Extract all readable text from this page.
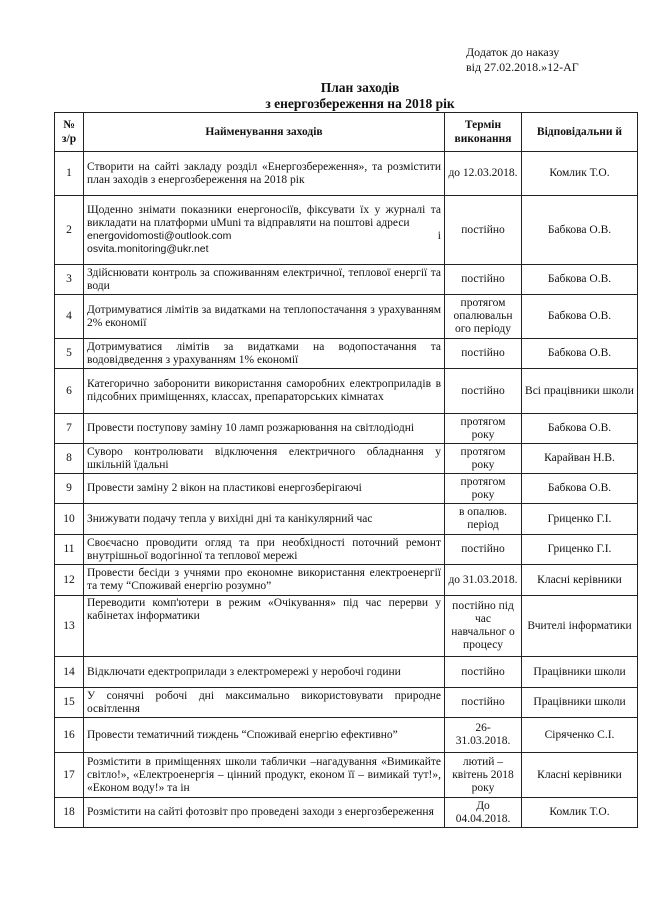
Додаток до наказу
від 27.02.2018.»12-АГ
План заходів
з енергозбереження на 2018 рік
№ з/р	Найменування заходів	Термін виконання	Відповідальни й
1	Створити на сайті закладу розділ «Енергозбереження», та розмістити план заходів з енергозбереження на 2018 рік	до 12.03.2018.	Комлик Т.О.
2	Щоденно знімати показники енергоносіїв, фіксувати їх у журналі та викладати на платформи uMuni та відправляти на поштові адреси
energovidomosti@outlook.com і
osvita.monitoring@ukr.net	постійно	Бабкова О.В.
3	Здійснювати контроль за споживанням електричної, теплової енергії та води	постійно	Бабкова О.В.
4	Дотримуватися лімітів за видатками на теплопостачання з урахуванням 2% економії	протягом опалювальн ого періоду	Бабкова О.В.
5	Дотримуватися лімітів за видатками на водопостачання та водовідведення з урахуванням 1% економії	постійно	Бабкова О.В.
6	Категорично заборонити використання саморобних електроприладів в підсобних приміщеннях, классах, препараторських кімнатах	постійно	Всі працівники школи
7	Провести поступову заміну 10 ламп розжарювання на світлодіодні	протягом року	Бабкова О.В.
8	Суворо контролювати відключення електричного обладнання у шкільній їдальні	протягом року	Карайван Н.В.
9	Провести заміну 2 вікон на пластикові енергозберігаючі	протягом року	Бабкова О.В.
10	Знижувати подачу тепла у вихідні дні та канікулярний час	в опалюв. період	Гриценко Г.І.
11	Своєчасно проводити огляд та при необхідності поточний ремонт внутрішньої водогінної та теплової мережі	постійно	Гриценко Г.І.
12	Провести бесіди з учнями про економне використання електроенергії та тему “Споживай енергію розумно”	до 31.03.2018.	Класні керівники
13	Переводити комп'ютери в режим «Очікування» під час перерви у кабінетах інформатики	постійно під час навчальног о процесу	Вчителі інформатики
14	Відключати едектроприлади з електромережі у неробочі години	постійно	Працівники школи
15	У сонячні робочі дні максимально використовувати природне освітлення	постійно	Працівники школи
16	Провести тематичний тиждень “Споживай енергію ефективно”	26- 31.03.2018.	Сіряченко С.І.
17	Розмістити в приміщеннях школи таблички –нагадування «Вимикайте світло!», «Електроенергія – цінний продукт, економ її – вимикай тут!», «Економ воду!» та ін	лютий – квітень 2018 року	Класні керівники
18	Розмістити на сайті фотозвіт про проведені заходи з енергозбереження	До 04.04.2018.	Комлик Т.О.
